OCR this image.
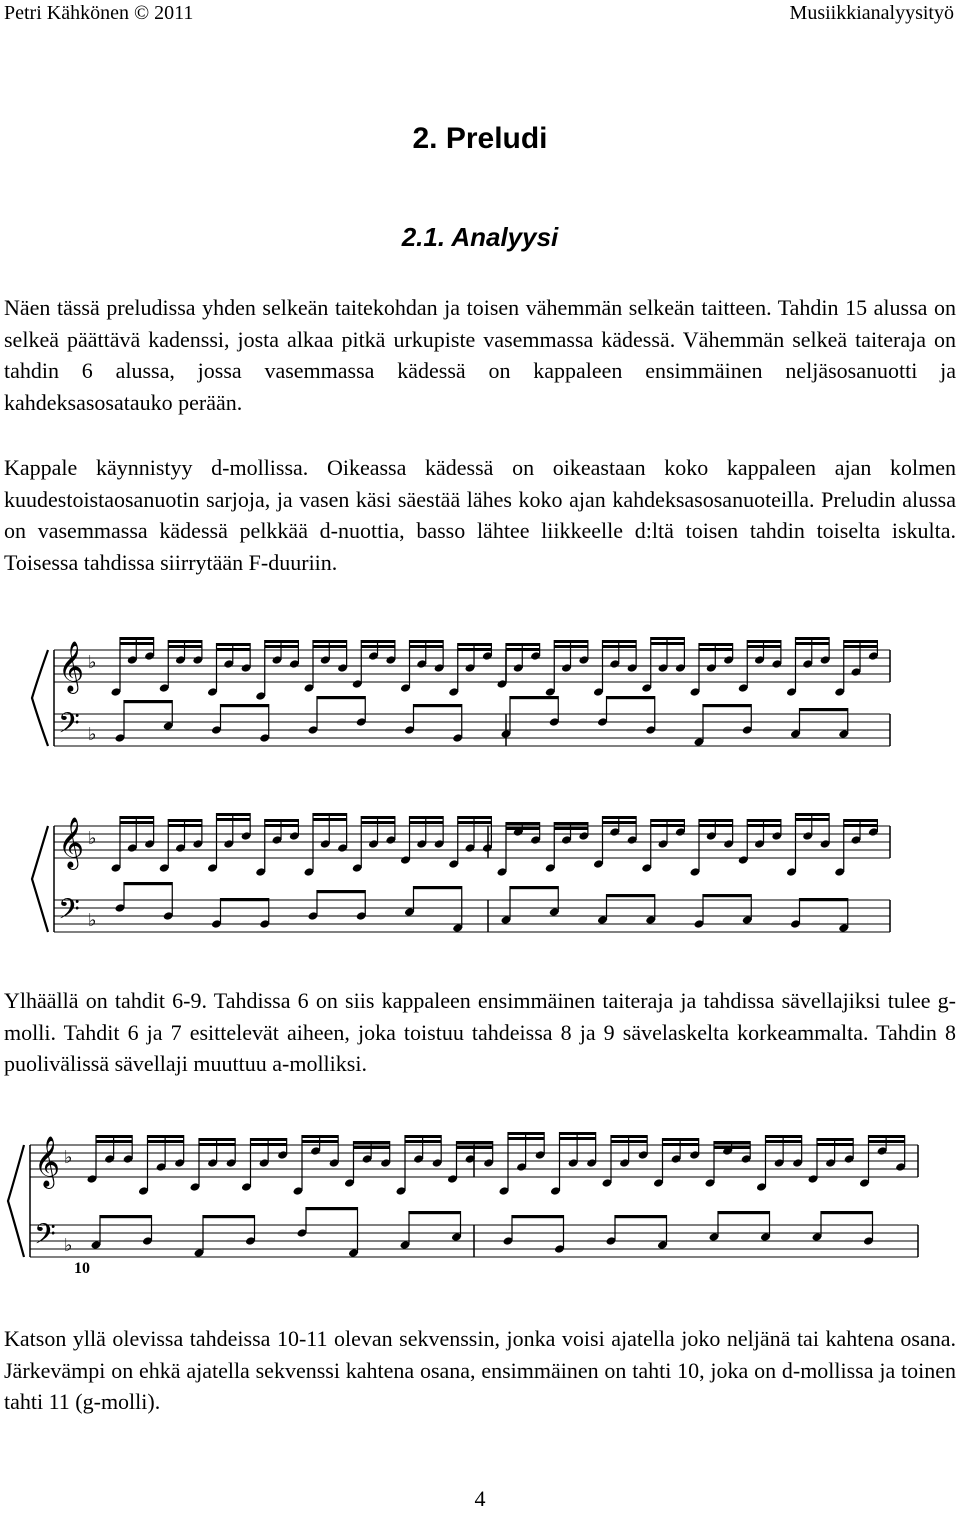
Petri Kähkönen © 2011	Musiikkianalyysityö
2. Preludi
2.1. Analyysi

Näen tässä preludissa yhden selkeän taitekohdan ja toisen vähemmän selkeän taitteen. Tahdin 15 alussa on selkeä päättävä kadenssi, josta alkaa pitkä urkupiste vasemmassa kädessä. Vähemmän selkeä taiteraja on tahdin 6 alussa, jossa vasemmassa kädessä on kappaleen ensimmäinen neljäsosanuotti ja kahdeksasosatauko perään.

Kappale käynnistyy d-mollissa. Oikeassa kädessä on oikeastaan koko kappaleen ajan kolmen kuudestoistaosanuotin sarjoja, ja vasen käsi säestää lähes koko ajan kahdeksasosanuoteilla. Preludin alussa on vasemmassa kädessä pelkkää d-nuottia, basso lähtee liikkeelle d:ltä toisen tahdin toiselta iskulta. Toisessa tahdissa siirrytään F-duuriin.

𝄞
𝄢
♭
♭
𝄞
𝄢
♭
♭

Ylhäällä on tahdit 6-9. Tahdissa 6 on siis kappaleen ensimmäinen taiteraja ja tahdissa sävellajiksi tulee g-molli. Tahdit 6 ja 7 esittelevät aiheen, joka toistuu tahdeissa 8 ja 9 sävelaskelta korkeammalta. Tahdin 8 puolivälissä sävellaji muuttuu a-molliksi.

10
𝄞
𝄢
♭
♭

Katson yllä olevissa tahdeissa 10-11 olevan sekvenssin, jonka voisi ajatella joko neljänä tai kahtena osana. Järkevämpi on ehkä ajatella sekvenssi kahtena osana, ensimmäinen on tahti 10, joka on d-mollissa ja toinen tahti 11 (g-molli).

4
